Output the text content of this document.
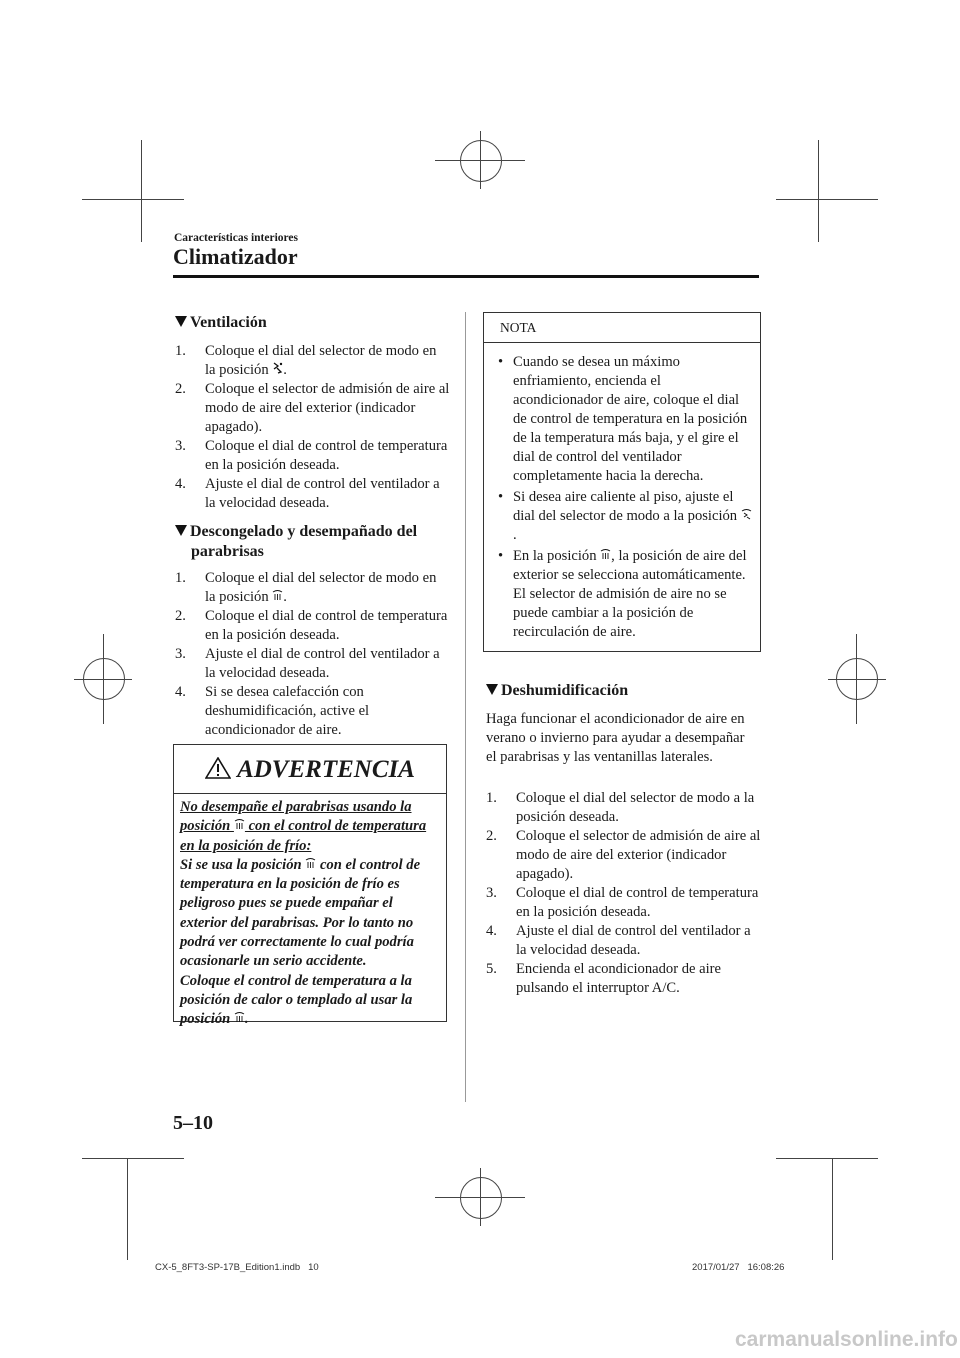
Características interiores
Climatizador
Ventilación
1. Coloque el dial del selector de modo en la posición .
2. Coloque el selector de admisión de aire al modo de aire del exterior (indicador apagado).
3. Coloque el dial de control de temperatura en la posición deseada.
4. Ajuste el dial de control del ventilador a la velocidad deseada.
Descongelado y desempañado del
parabrisas
1. Coloque el dial del selector de modo en la posición .
2. Coloque el dial de control de temperatura en la posición deseada.
3. Ajuste el dial de control del ventilador a la velocidad deseada.
4. Si se desea calefacción con deshumidificación, active el acondicionador de aire.
ADVERTENCIA
No desempañe el parabrisas usando la posición  con el control de temperatura en la posición de frío:
Si se usa la posición  con el control de temperatura en la posición de frío es peligroso pues se puede empañar el exterior del parabrisas. Por lo tanto no podrá ver correctamente lo cual podría ocasionarle un serio accidente.
Coloque el control de temperatura a la posición de calor o templado al usar la posición .
NOTA
• Cuando se desea un máximo enfriamiento, encienda el acondicionador de aire, coloque el dial de control de temperatura en la posición de la temperatura más baja, y el gire el dial de control del ventilador completamente hacia la derecha.
• Si desea aire caliente al piso, ajuste el dial del selector de modo a la posición .
• En la posición , la posición de aire del exterior se selecciona automáticamente. El selector de admisión de aire no se puede cambiar a la posición de recirculación de aire.
Deshumidificación

Haga funcionar el acondicionador de aire en verano o invierno para ayudar a desempañar el parabrisas y las ventanillas laterales.

1. Coloque el dial del selector de modo a la posición deseada.
2. Coloque el selector de admisión de aire al modo de aire del exterior (indicador apagado).
3. Coloque el dial de control de temperatura en la posición deseada.
4. Ajuste el dial de control del ventilador a la velocidad deseada.
5. Encienda el acondicionador de aire pulsando el interruptor A/C.
5–10
CX-5_8FT3-SP-17B_Edition1.indb   10	2017/01/27   16:08:26
carmanualsonline.info
